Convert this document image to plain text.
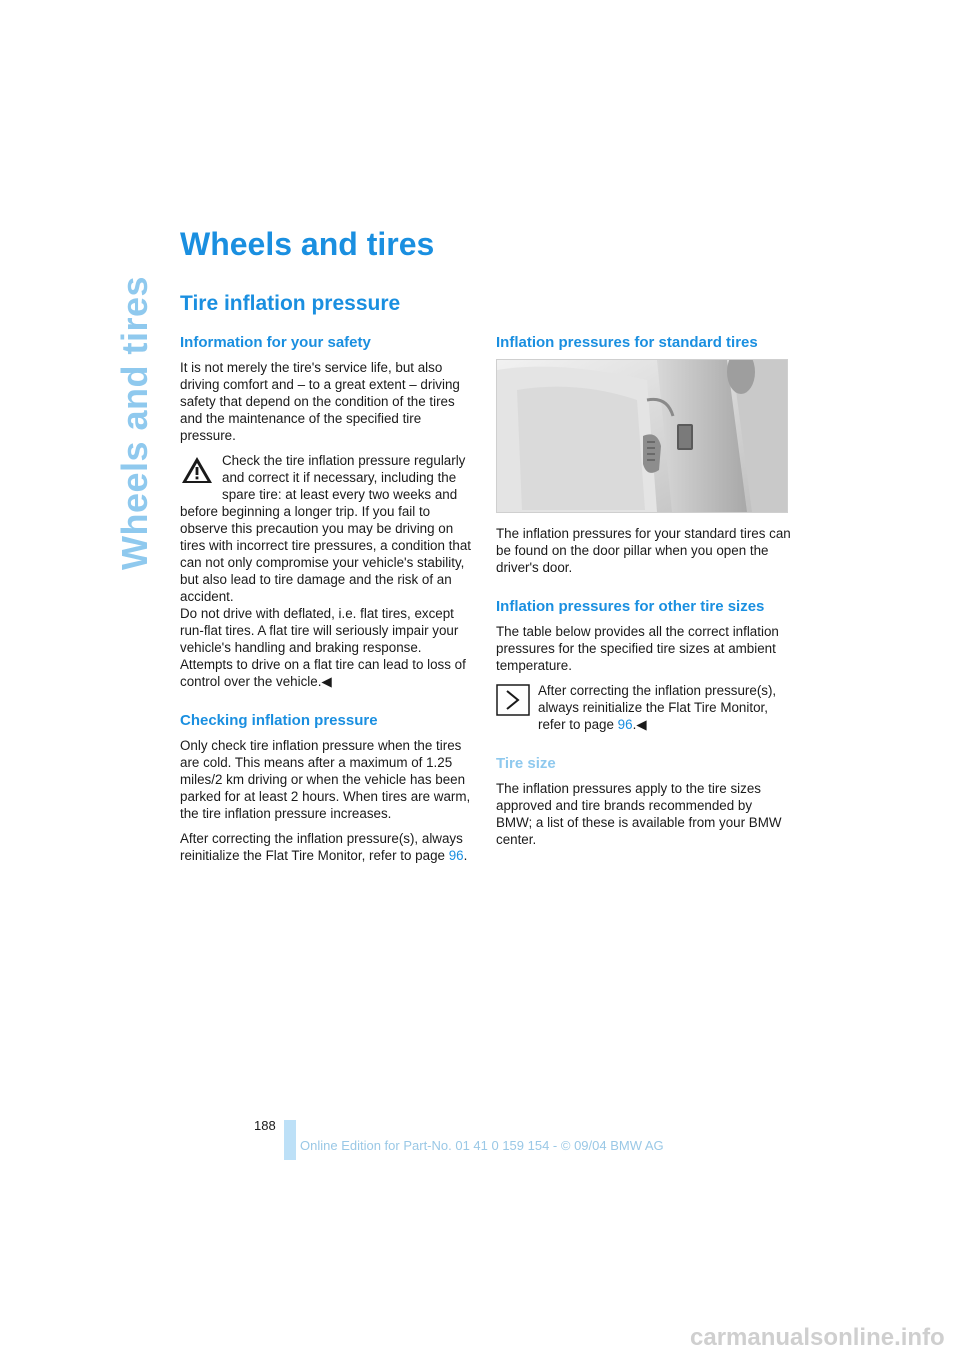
Wheels and tires
Wheels and tires
Tire inflation pressure
Information for your safety

It is not merely the tire's service life, but also driving comfort and – to a great extent – driving safety that depend on the condition of the tires and the maintenance of the specified tire pressure.

Check the tire inflation pressure regularly and correct it if necessary, including the spare tire: at least every two weeks and before beginning a longer trip. If you fail to observe this precaution you may be driving on tires with incorrect tire pressures, a condition that can not only compromise your vehicle's stability, but also lead to tire damage and the risk of an accident.

Do not drive with deflated, i.e. flat tires, except run-flat tires. A flat tire will seriously impair your vehicle's handling and braking response. Attempts to drive on a flat tire can lead to loss of control over the vehicle.◀

Checking inflation pressure

Only check tire inflation pressure when the tires are cold. This means after a maximum of 1.25 miles/2 km driving or when the vehicle has been parked for at least 2 hours. When tires are warm, the tire inflation pressure increases.

After correcting the inflation pressure(s), always reinitialize the Flat Tire Monitor, refer to page 96.

Inflation pressures for standard tires

The inflation pressures for your standard tires can be found on the door pillar when you open the driver's door.

Inflation pressures for other tire sizes

The table below provides all the correct inflation pressures for the specified tire sizes at ambient temperature.

After correcting the inflation pressure(s), always reinitialize the Flat Tire Monitor, refer to page 96.◀

Tire size

The inflation pressures apply to the tire sizes approved and tire brands recommended by BMW; a list of these is available from your BMW center.

188
Online Edition for Part-No. 01 41 0 159 154 - © 09/04 BMW AG
carmanualsonline.info
